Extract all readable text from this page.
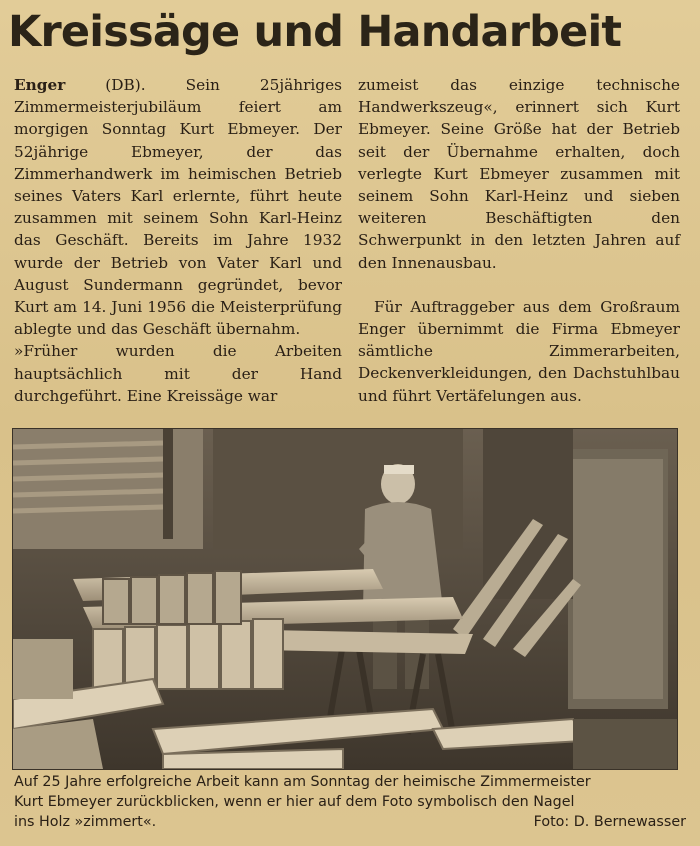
Kreissäge und Handarbeit

Enger (DB). Sein 25jähriges Zimmermeisterjubiläum feiert am morgigen Sonntag Kurt Ebmeyer. Der 52jährige Ebmeyer, der das Zimmerhandwerk im heimischen Betrieb seines Vaters Karl erlernte, führt heute zusammen mit seinem Sohn Karl-Heinz das Geschäft. Bereits im Jahre 1932 wurde der Betrieb von Vater Karl und August Sundermann gegründet, bevor Kurt am 14. Juni 1956 die Meisterprüfung ablegte und das Geschäft übernahm.

»Früher wurden die Arbeiten hauptsächlich mit der Hand durchgeführt. Eine Kreissäge war

zumeist das einzige technische Handwerkszeug«, erinnert sich Kurt Ebmeyer. Seine Größe hat der Betrieb seit der Übernahme erhalten, doch verlegte Kurt Ebmeyer zusammen mit seinem Sohn Karl-Heinz und sieben weiteren Beschäftigten den Schwerpunkt in den letzten Jahren auf den Innenausbau.

Für Auftraggeber aus dem Großraum Enger übernimmt die Firma Ebmeyer sämtliche Zimmerarbeiten, Deckenverkleidungen, den Dachstuhlbau und führt Vertäfelungen aus.

Auf 25 Jahre erfolgreiche Arbeit kann am Sonntag der heimische Zimmermeister

Kurt Ebmeyer zurückblicken, wenn er hier auf dem Foto symbolisch den Nagel

ins Holz »zimmert«.	Foto: D. Bernewasser
